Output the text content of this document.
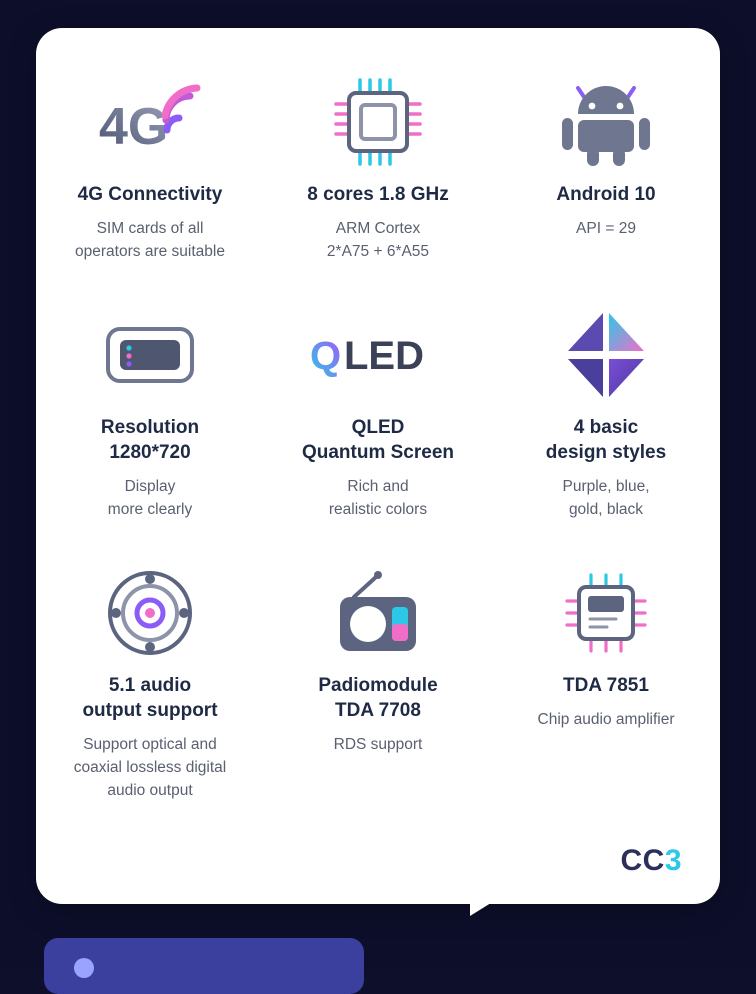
4G
4G Connectivity
SIM cards of all
operators are suitable
8 cores 1.8 GHz
ARM Cortex
2*A75 + 6*A55
Android 10
API = 29
Resolution
1280*720
Display
more clearly
Q LED
QLED
Quantum Screen
Rich and
realistic colors
4 basic
design styles
Purple, blue,
gold, black
5.1 audio
output support
Support optical and
coaxial lossless digital
audio output
Padiomodule
TDA 7708
RDS support
TDA 7851
Chip audio amplifier
CC3
